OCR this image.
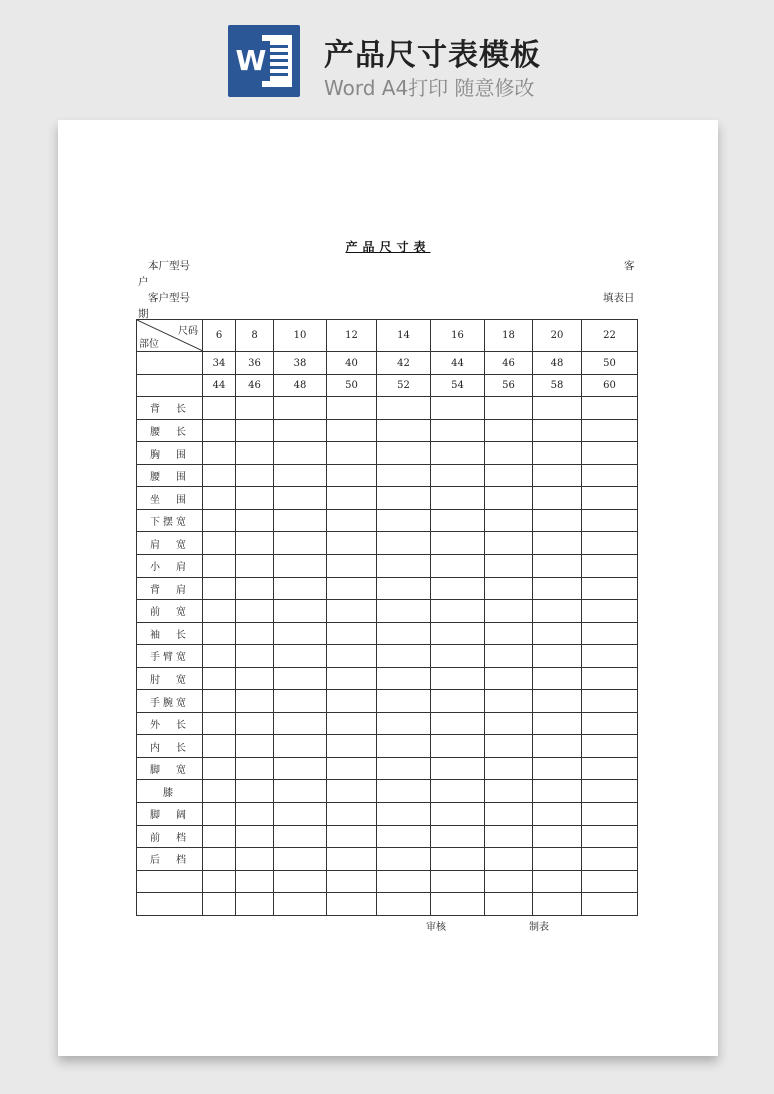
W 产品尺寸表模板
Word A4打印 随意修改
产品尺寸表
本厂型号	客
户
客户型号	填表日
期
尺码
部位	6	8	10	12	14	16	18	20	22
	34	36	38	40	42	44	46	48	50
	44	46	48	50	52	54	56	58	60
背　长									
腰　长									
胸　围									
腰　围									
坐　围									
下摆宽									
肩　宽									
小　肩									
背　肩									
前　宽									
袖　长									
手臂宽									
肘　宽									
手腕宽									
外　长									
内　长									
脚　宽									
膝									
脚　阔									
前　档									
后　档									

审核	制表
